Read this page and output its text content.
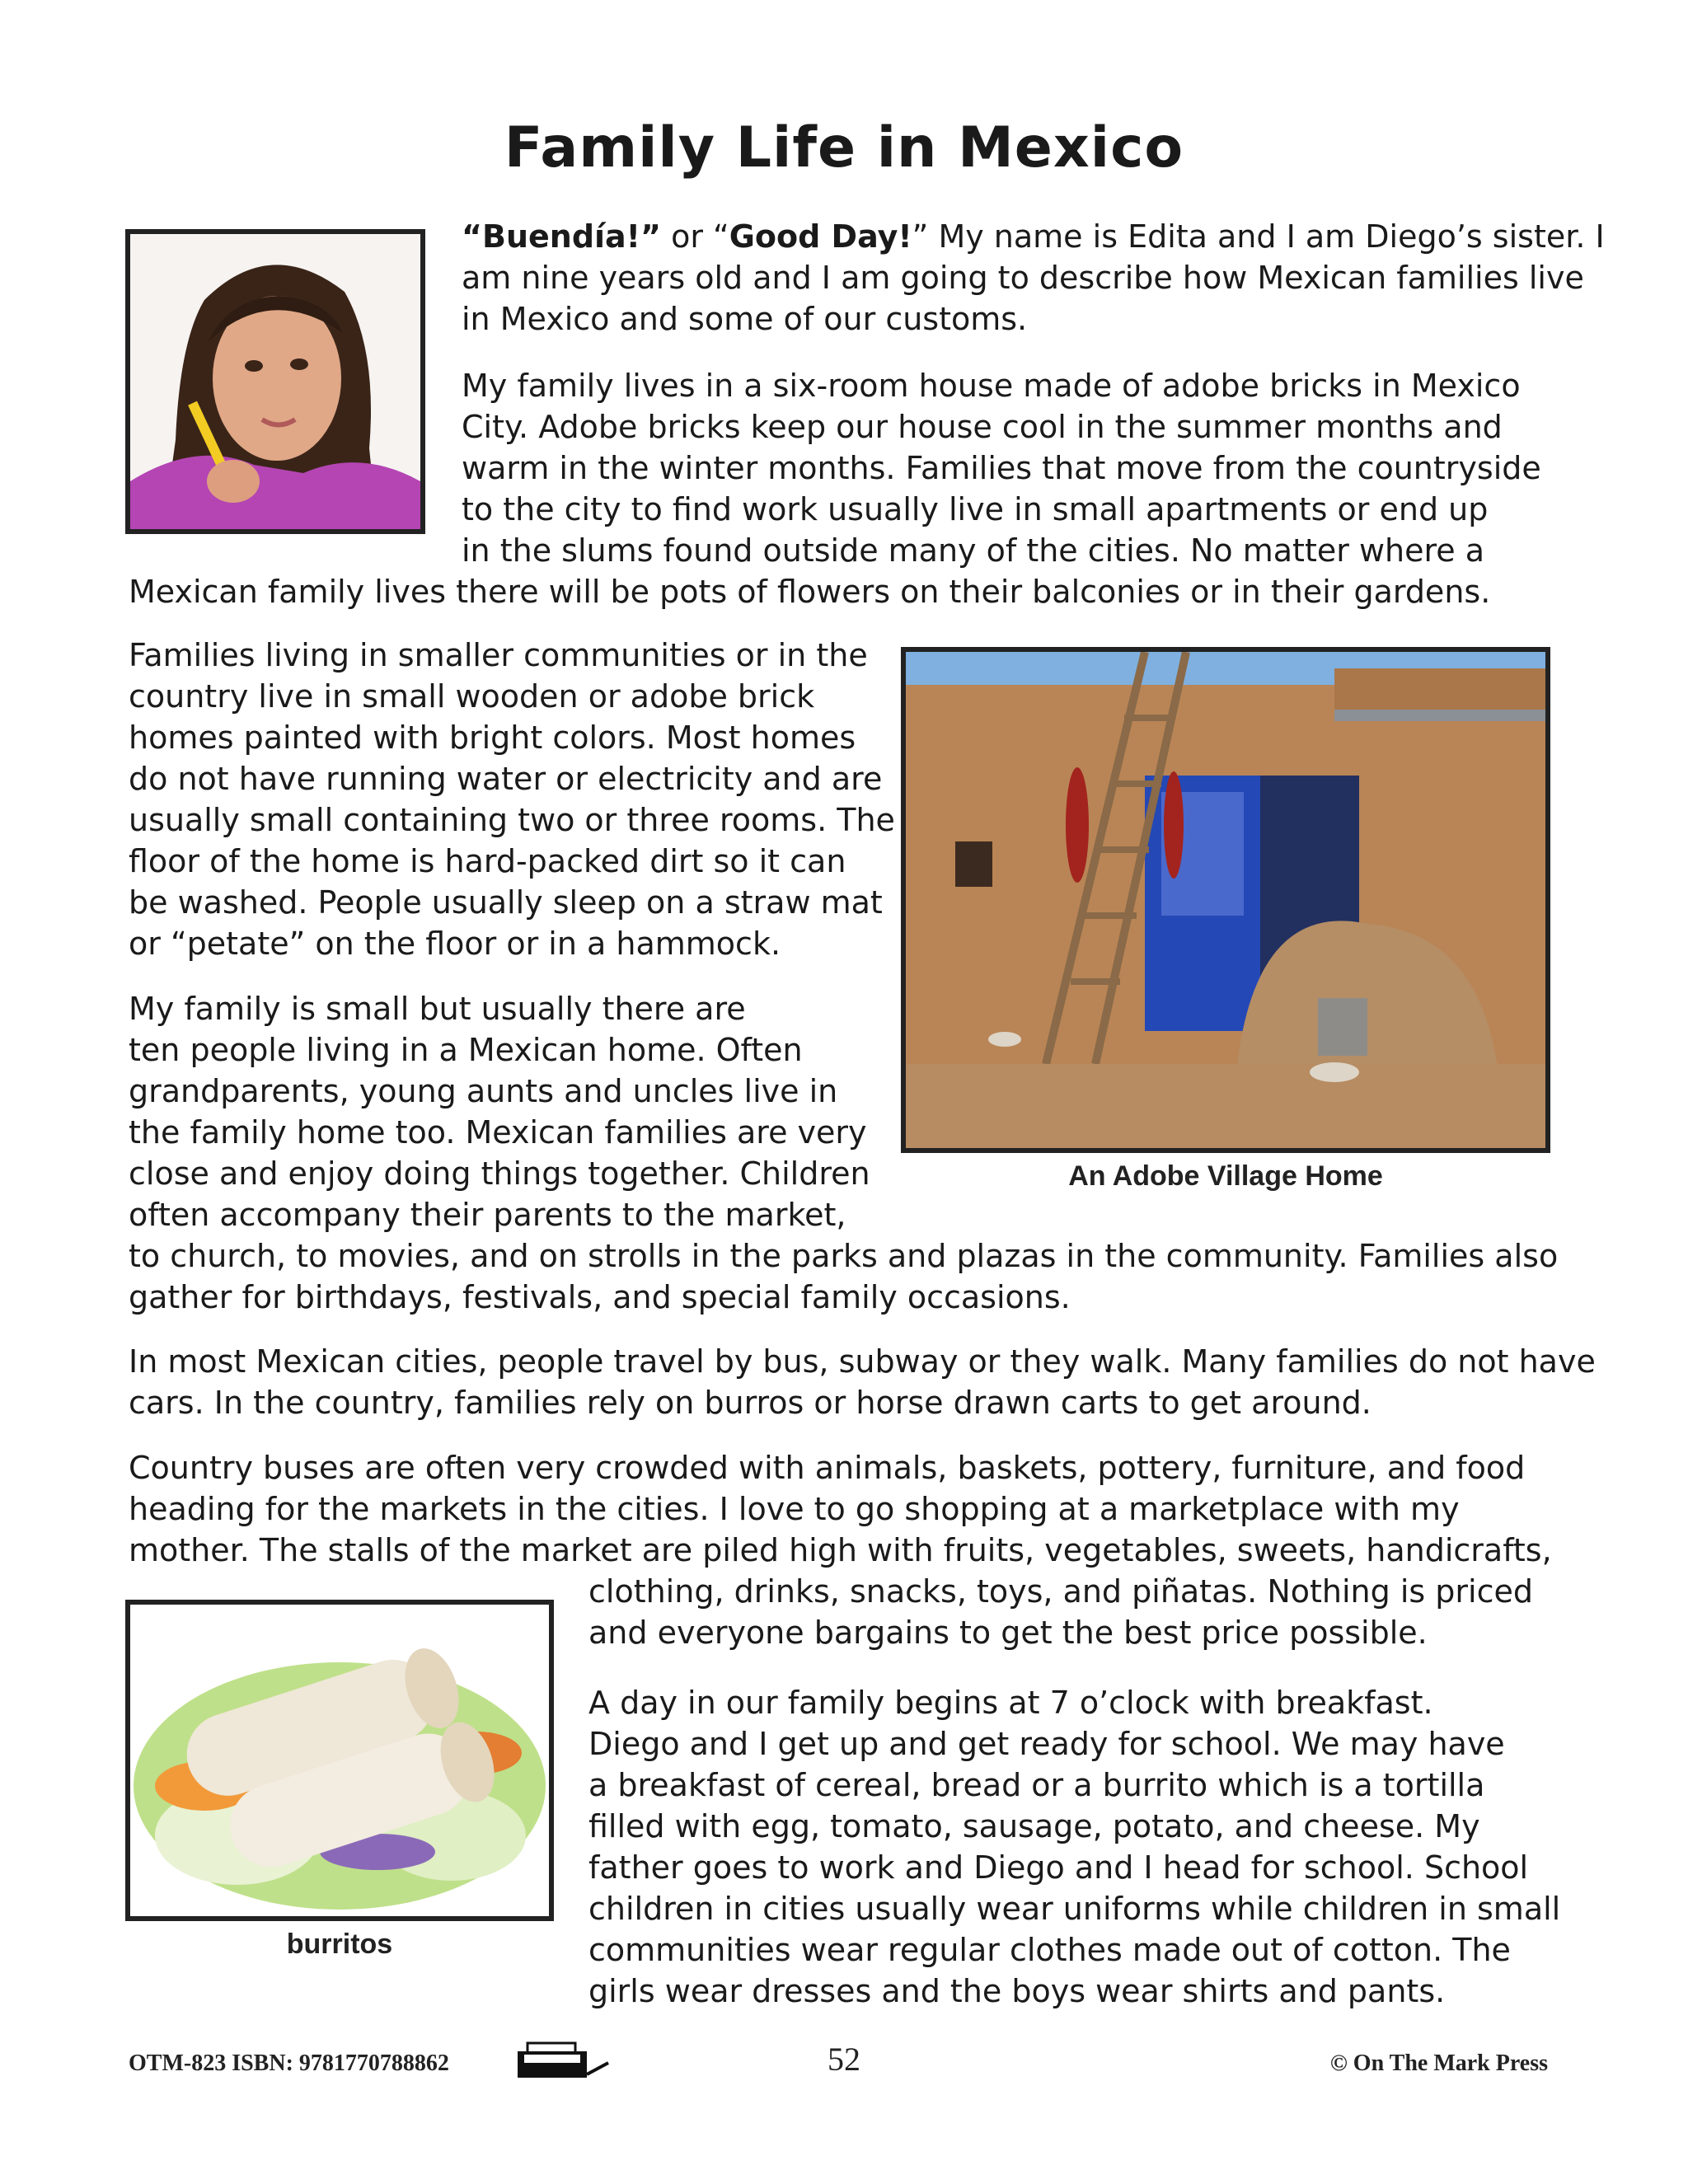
Family Life in Mexico

“Buendía!” or “Good Day!” My name is Edita and I am Diego’s sister. I
am nine years old and I am going to describe how Mexican families live
in Mexico and some of our customs.

My family lives in a six-room house made of adobe bricks in Mexico
City. Adobe bricks keep our house cool in the summer months and
warm in the winter months. Families that move from the countryside
to the city to find work usually live in small apartments or end up
in the slums found outside many of the cities. No matter where a
Mexican family lives there will be pots of flowers on their balconies or in their gardens.

Families living in smaller communities or in the
country live in small wooden or adobe brick
homes painted with bright colors. Most homes
do not have running water or electricity and are
usually small containing two or three rooms. The
floor of the home is hard-packed dirt so it can
be washed. People usually sleep on a straw mat
or “petate” on the floor or in a hammock.

An Adobe Village Home

My family is small but usually there are
ten people living in a Mexican home. Often
grandparents, young aunts and uncles live in
the family home too. Mexican families are very
close and enjoy doing things together. Children
often accompany their parents to the market,
to church, to movies, and on strolls in the parks and plazas in the community. Families also
gather for birthdays, festivals, and special family occasions.

In most Mexican cities, people travel by bus, subway or they walk. Many families do not have
cars. In the country, families rely on burros or horse drawn carts to get around.

Country buses are often very crowded with animals, baskets, pottery, furniture, and food
heading for the markets in the cities. I love to go shopping at a marketplace with my
mother. The stalls of the market are piled high with fruits, vegetables, sweets, handicrafts,
clothing, drinks, snacks, toys, and piñatas. Nothing is priced
and everyone bargains to get the best price possible.

burritos

A day in our family begins at 7 o’clock with breakfast.
Diego and I get up and get ready for school. We may have
a breakfast of cereal, bread or a burrito which is a tortilla
filled with egg, tomato, sausage, potato, and cheese. My
father goes to work and Diego and I head for school. School
children in cities usually wear uniforms while children in small
communities wear regular clothes made out of cotton. The
girls wear dresses and the boys wear shirts and pants.

OTM-823 ISBN: 9781770788862	52	© On The Mark Press
